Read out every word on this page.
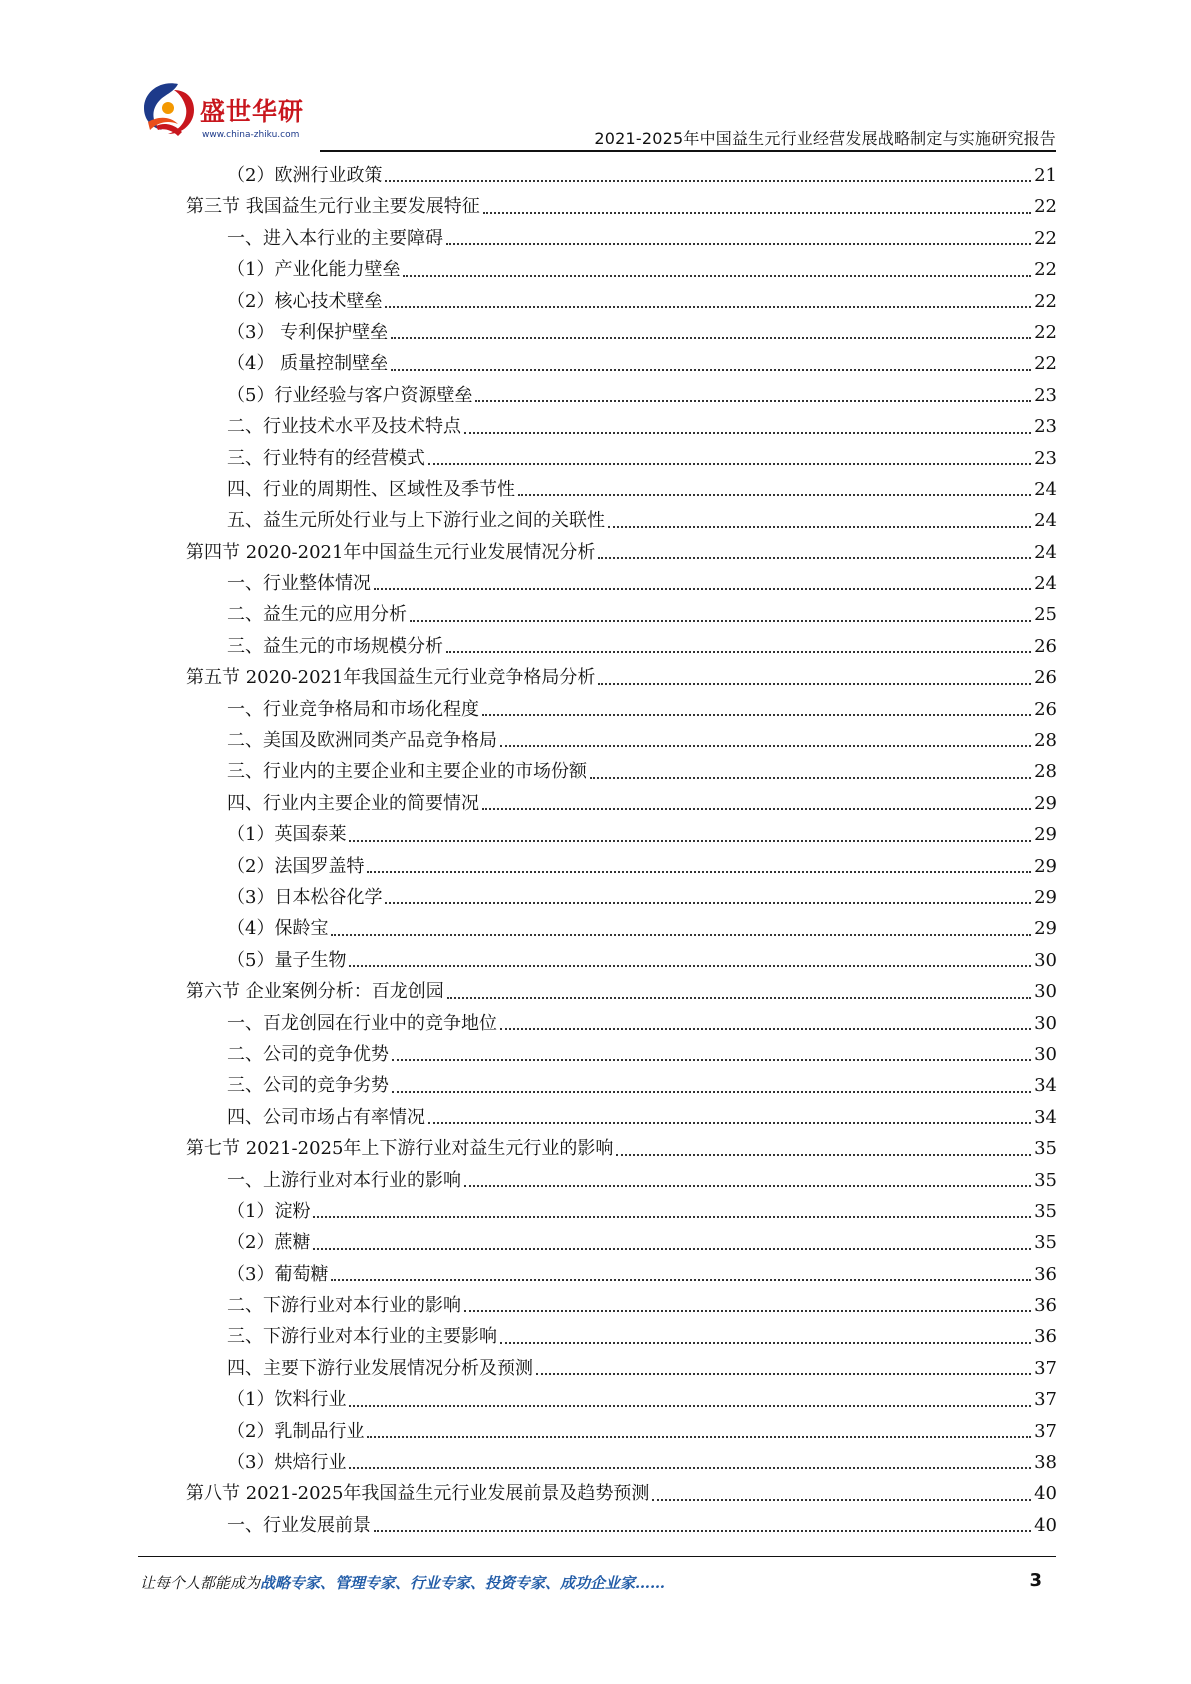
盛世华研
www.china-zhiku.com	2021-2025年中国益生元行业经营发展战略制定与实施研究报告
（2）欧洲行业政策	21
第三节 我国益生元行业主要发展特征	22
一、进入本行业的主要障碍	22
（1）产业化能力壁垒	22
（2）核心技术壁垒	22
（3） 专利保护壁垒	22
（4） 质量控制壁垒	22
（5）行业经验与客户资源壁垒	23
二、行业技术水平及技术特点	23
三、行业特有的经营模式	23
四、行业的周期性、区域性及季节性	24
五、益生元所处行业与上下游行业之间的关联性	24
第四节 2020-2021年中国益生元行业发展情况分析	24
一、行业整体情况	24
二、益生元的应用分析	25
三、益生元的市场规模分析	26
第五节 2020-2021年我国益生元行业竞争格局分析	26
一、行业竞争格局和市场化程度	26
二、美国及欧洲同类产品竞争格局	28
三、行业内的主要企业和主要企业的市场份额	28
四、行业内主要企业的简要情况	29
（1）英国泰莱	29
（2）法国罗盖特	29
（3）日本松谷化学	29
（4）保龄宝	29
（5）量子生物	30
第六节 企业案例分析：百龙创园	30
一、百龙创园在行业中的竞争地位	30
二、公司的竞争优势	30
三、公司的竞争劣势	34
四、公司市场占有率情况	34
第七节 2021-2025年上下游行业对益生元行业的影响	35
一、上游行业对本行业的影响	35
（1）淀粉	35
（2）蔗糖	35
（3）葡萄糖	36
二、下游行业对本行业的影响	36
三、下游行业对本行业的主要影响	36
四、主要下游行业发展情况分析及预测	37
（1）饮料行业	37
（2）乳制品行业	37
（3）烘焙行业	38
第八节 2021-2025年我国益生元行业发展前景及趋势预测	40
一、行业发展前景	40
让每个人都能成为战略专家、管理专家、行业专家、投资专家、成功企业家……	3
